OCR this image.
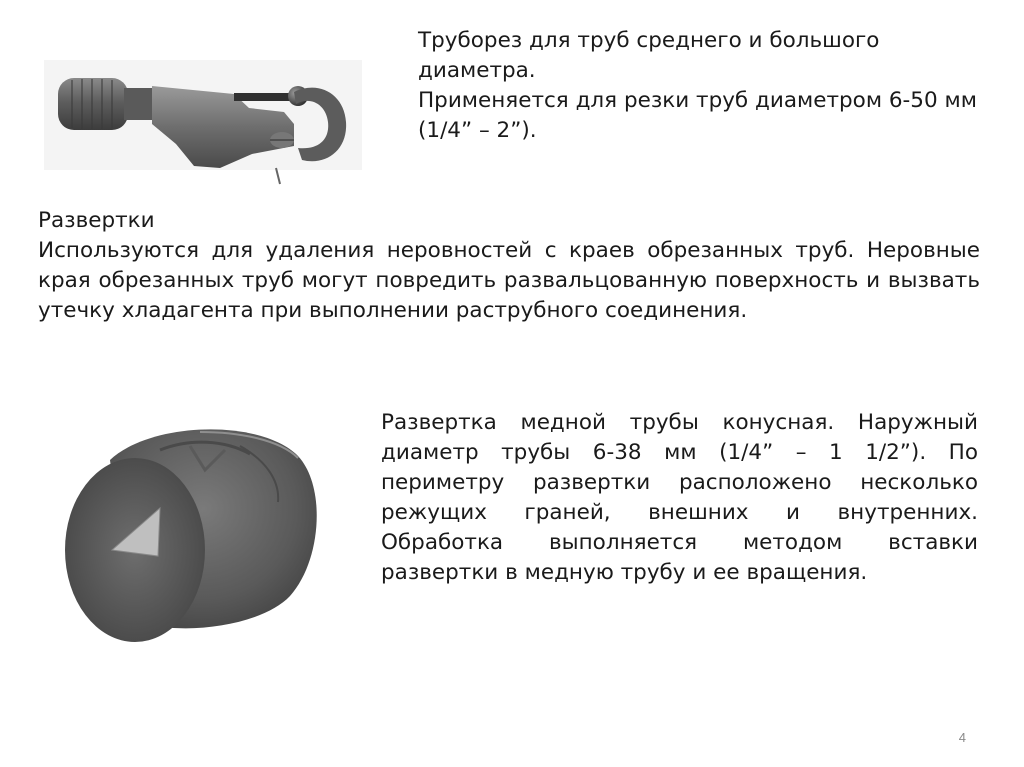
Труборез для труб среднего и большого диаметра.

Применяется для резки труб диаметром 6-50 мм (1/4” – 2”).

Развертки

Используются для удаления неровностей с краев обрезанных труб. Неровные края обрезанных труб могут повредить развальцованную поверхность и вызвать утечку хладагента при выполнении раструбного соединения.

Развертка медной трубы конусная. Наружный диаметр трубы 6-38 мм (1/4” – 1 1/2”). По периметру развертки расположено несколько режущих граней, внешних и внутренних. Обработка выполняется методом вставки развертки в медную трубу и ее вращения.

4
